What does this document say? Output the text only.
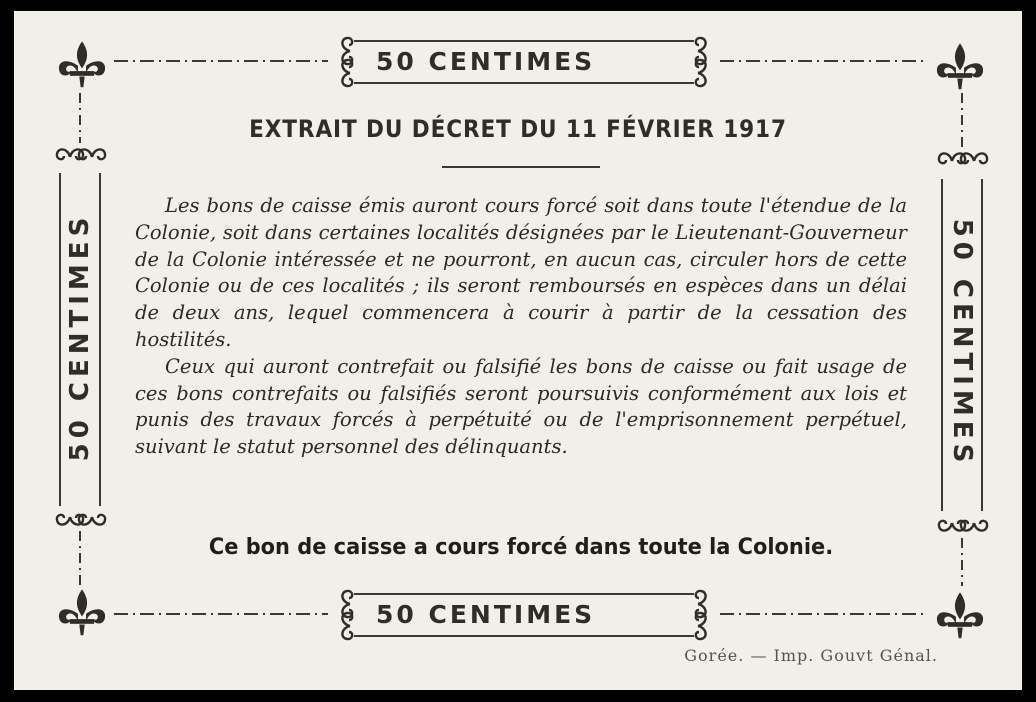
50 CENTIMES
50 CENTIMES
50 CENTIMES	50 CENTIMES
EXTRAIT DU DÉCRET DU 11 FÉVRIER 1917

Les bons de caisse émis auront cours forcé soit dans toute l'étendue de la Colonie, soit dans certaines localités désignées par le Lieutenant-Gouverneur de la Colonie intéressée et ne pourront, en aucun cas, circuler hors de cette Colonie ou de ces localités ; ils seront remboursés en espèces dans un délai de deux ans, lequel commencera à courir à partir de la cessation des hostilités.

Ceux qui auront contrefait ou falsifié les bons de caisse ou fait usage de ces bons contrefaits ou falsifiés seront poursuivis conformément aux lois et punis des travaux forcés à perpétuité ou de l'emprisonnement perpétuel, suivant le statut personnel des délinquants.

Ce bon de caisse a cours forcé dans toute la Colonie.
Gorée. — Imp. Gouvt Génal.
